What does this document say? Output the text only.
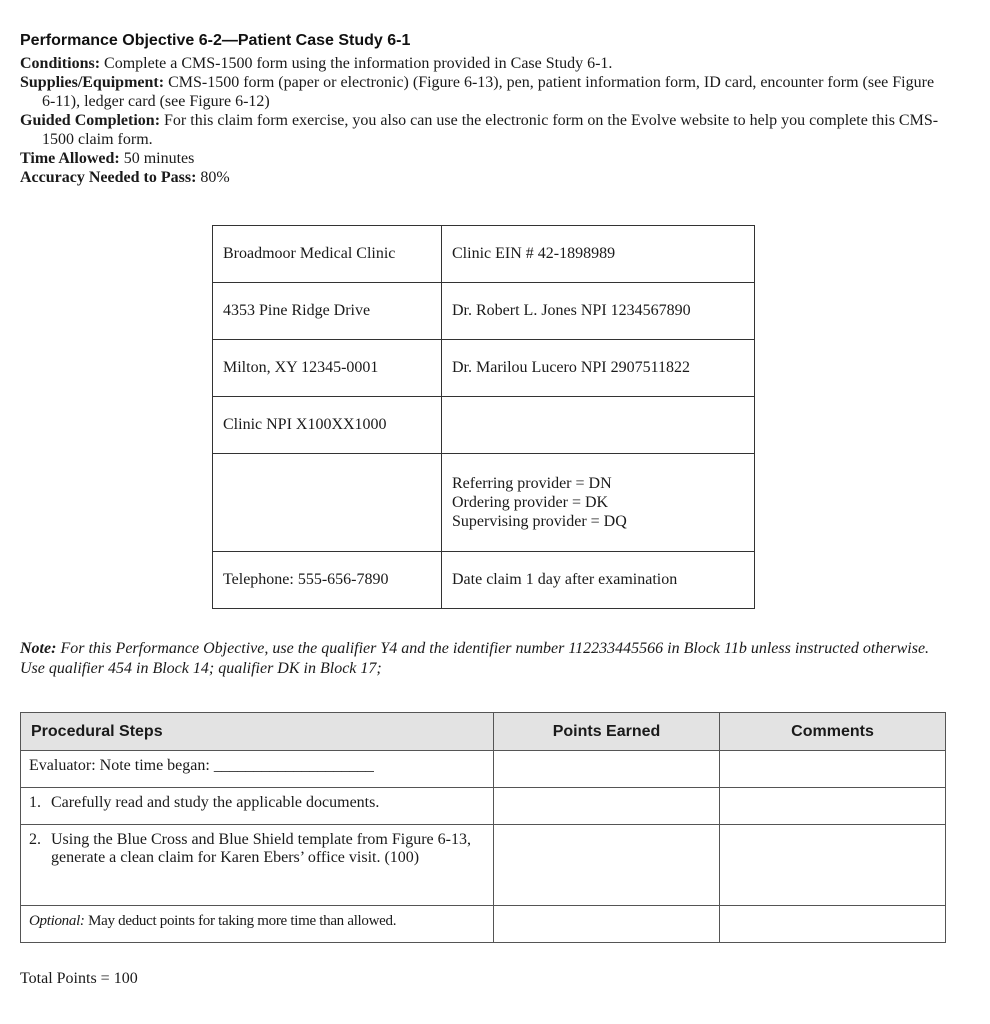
Performance Objective 6-2—Patient Case Study 6-1

Conditions: Complete a CMS-1500 form using the information provided in Case Study 6-1.

Supplies/Equipment: CMS-1500 form (paper or electronic) (Figure 6-13), pen, patient information form, ID card, encounter form (see Figure 6-11), ledger card (see Figure 6-12)

Guided Completion: For this claim form exercise, you also can use the electronic form on the Evolve website to help you complete this CMS-1500 claim form.

Time Allowed: 50 minutes

Accuracy Needed to Pass: 80%

Broadmoor Medical Clinic	Clinic EIN # 42-1898989
4353 Pine Ridge Drive	Dr. Robert L. Jones NPI 1234567890
Milton, XY 12345-0001	Dr. Marilou Lucero NPI 2907511822
Clinic NPI X100XX1000	

	Referring provider = DN
Ordering provider = DK
Supervising provider = DQ

Telephone: 555-656-7890	Date claim 1 day after examination

Note: For this Performance Objective, use the qualifier Y4 and the identifier number 112233445566 in Block 11b unless instructed otherwise. Use qualifier 454 in Block 14; qualifier DK in Block 17;

Procedural Steps	Points Earned	Comments
Evaluator: Note time began: ____________________		

1. Carefully read and study the applicable documents.		

2. Using the Blue Cross and Blue Shield template from Figure 6-13, generate a clean claim for Karen Ebers’ office visit. (100)		

Optional: May deduct points for taking more time than allowed.		
Total Points = 100
